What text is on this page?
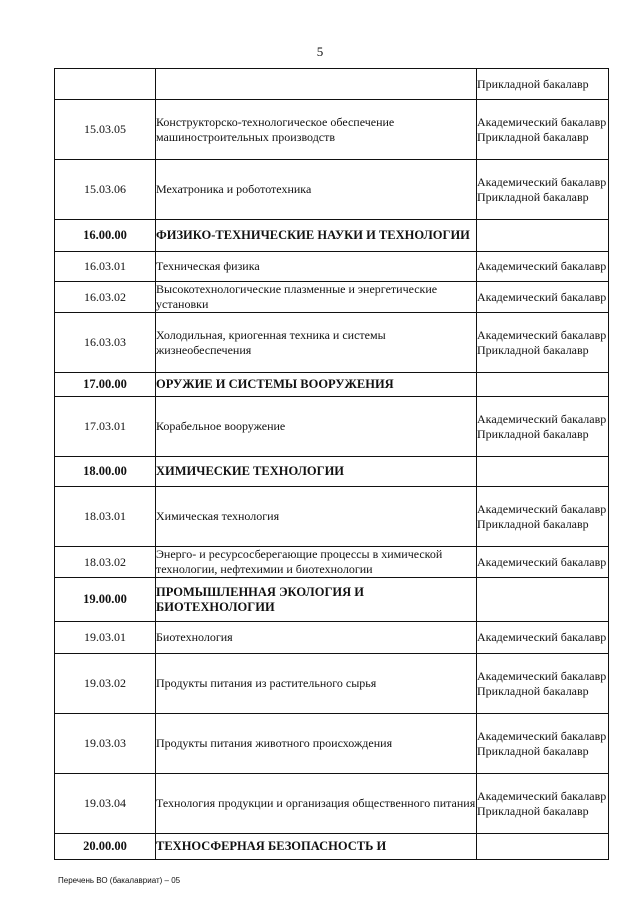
5
		Прикладной бакалавр
15.03.05	Конструкторско-технологическое обеспечение машиностроительных производств	Академический бакалавр Прикладной бакалавр
15.03.06	Мехатроника и робототехника	Академический бакалавр Прикладной бакалавр
16.00.00	ФИЗИКО-ТЕХНИЧЕСКИЕ НАУКИ И ТЕХНОЛОГИИ	
16.03.01	Техническая физика	Академический бакалавр
16.03.02	Высокотехнологические плазменные и энергетические установки	Академический бакалавр
16.03.03	Холодильная, криогенная техника и системы жизнеобеспечения	Академический бакалавр Прикладной бакалавр
17.00.00	ОРУЖИЕ И СИСТЕМЫ ВООРУЖЕНИЯ	
17.03.01	Корабельное вооружение	Академический бакалавр Прикладной бакалавр
18.00.00	ХИМИЧЕСКИЕ ТЕХНОЛОГИИ	
18.03.01	Химическая технология	Академический бакалавр Прикладной бакалавр
18.03.02	Энерго- и ресурсосберегающие процессы в химической технологии, нефтехимии и биотехнологии	Академический бакалавр
19.00.00	ПРОМЫШЛЕННАЯ ЭКОЛОГИЯ И БИОТЕХНОЛОГИИ	
19.03.01	Биотехнология	Академический бакалавр
19.03.02	Продукты питания из растительного сырья	Академический бакалавр Прикладной бакалавр
19.03.03	Продукты питания животного происхождения	Академический бакалавр Прикладной бакалавр
19.03.04	Технология продукции и организация общественного питания	Академический бакалавр Прикладной бакалавр
20.00.00	ТЕХНОСФЕРНАЯ БЕЗОПАСНОСТЬ И	
Перечень ВО (бакалавриат) – 05
